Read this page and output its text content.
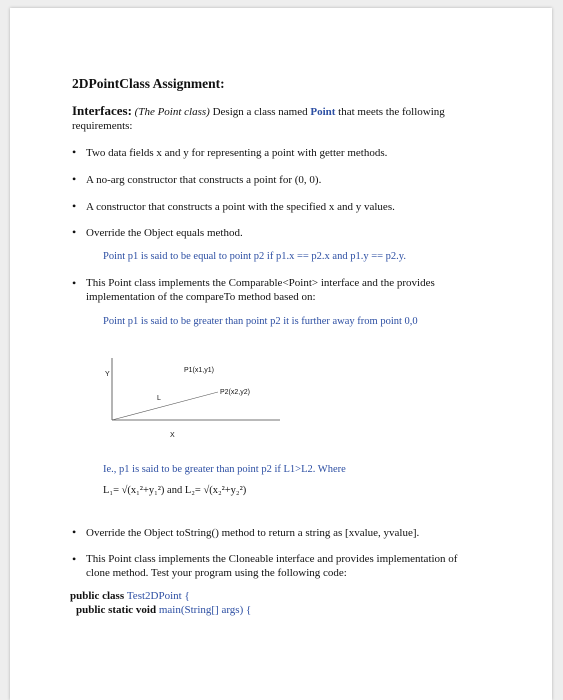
2DPointClass Assignment:
Interfaces: (The Point class) Design a class named Point that meets the following requirements:
• Two data fields x and y for representing a point with getter methods.
• A no-arg constructor that constructs a point for (0, 0).
• A constructor that constructs a point with the specified x and y values.
• Override the Object equals method.
Point p1 is said to be equal to point p2 if p1.x == p2.x and p1.y == p2.y.
• This Point class implements the Comparable<Point> interface and the provides implementation of the compareTo method based on:
Point p1 is said to be greater than point p2 it is further away from point 0,0
Y
X
P1(x1,y1)
P2(x2,y2)
L
Ie., p1 is said to be greater than point p2 if L1>L2. Where
L₁= √(x₁²+y₁²) and L₂= √(x₂²+y₂²)
• Override the Object toString() method to return a string as [xvalue, yvalue].
• This Point class implements the Cloneable interface and provides implementation of clone method. Test your program using the following code:
public class Test2DPoint {
public static void main(String[] args) {
